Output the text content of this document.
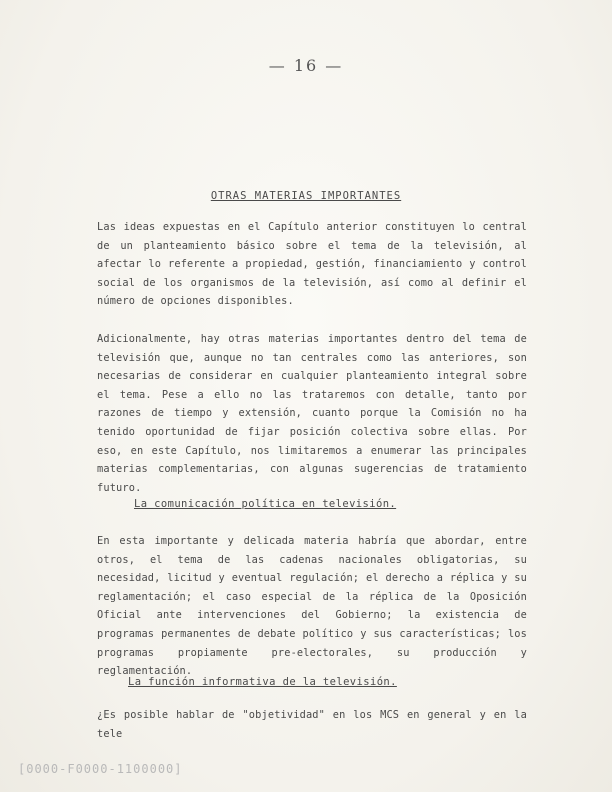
— 16 —
OTRAS MATERIAS IMPORTANTES

Las ideas expuestas en el Capítulo anterior constituyen lo central de un planteamiento básico sobre el tema de la televisión, al afectar lo referente a propiedad, gestión, financiamiento y control social de los organismos de la televisión, así como al definir el número de opciones disponibles.

Adicionalmente, hay otras materias importantes dentro del tema de televisión que, aunque no tan centrales como las anteriores, son necesarias de considerar en cualquier planteamiento integral sobre el tema. Pese a ello no las trataremos con detalle, tanto por razones de tiempo y extensión, cuanto porque la Comisión no ha tenido oportunidad de fijar posición colectiva sobre ellas. Por eso, en este Capítulo, nos limitaremos a enumerar las principales materias complementarias, con algunas sugerencias de tratamiento futuro.

La comunicación política en televisión.

En esta importante y delicada materia habría que abordar, entre otros, el tema de las cadenas nacionales obligatorias, su necesidad, licitud y eventual regulación; el derecho a réplica y su reglamentación; el caso especial de la réplica de la Oposición Oficial ante intervenciones del Gobierno; la existencia de programas permanentes de debate político y sus características; los programas propiamente pre-electorales, su producción y reglamentación.

La función informativa de la televisión.

¿Es posible hablar de "objetividad" en los MCS en general y en la tele

[0000-F0000-1100000]
